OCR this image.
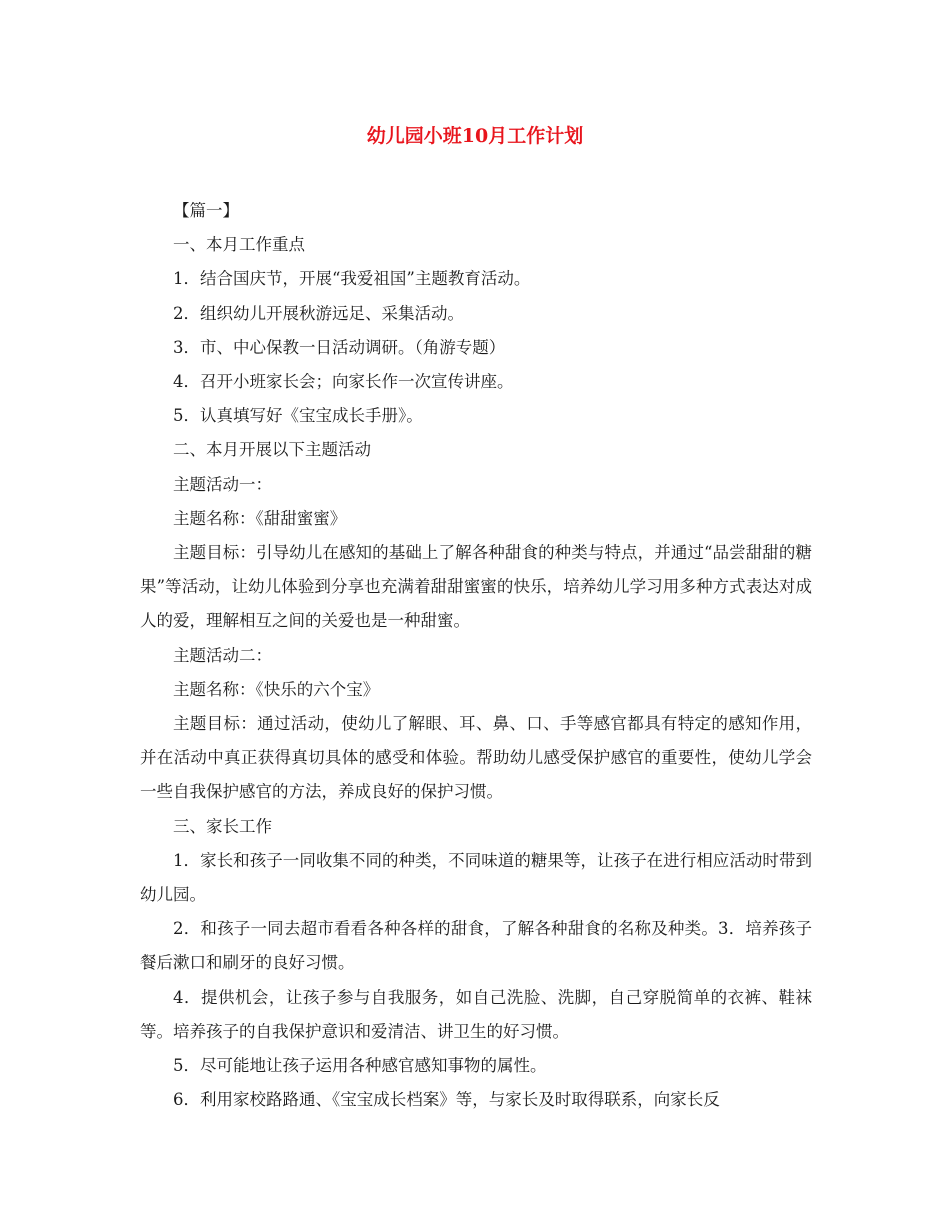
幼儿园小班10月工作计划

【篇一】

一、本月工作重点

1．结合国庆节，开展“我爱祖国”主题教育活动。

2．组织幼儿开展秋游远足、采集活动。

3．市、中心保教一日活动调研。（角游专题）

4．召开小班家长会；向家长作一次宣传讲座。

5．认真填写好《宝宝成长手册》。

二、本月开展以下主题活动

主题活动一：

主题名称：《甜甜蜜蜜》

主题目标：引导幼儿在感知的基础上了解各种甜食的种类与特点，并通过“品尝甜甜的糖果”等活动，让幼儿体验到分享也充满着甜甜蜜蜜的快乐，培养幼儿学习用多种方式表达对成人的爱，理解相互之间的关爱也是一种甜蜜。

主题活动二：

主题名称：《快乐的六个宝》

主题目标：通过活动，使幼儿了解眼、耳、鼻、口、手等感官都具有特定的感知作用，并在活动中真正获得真切具体的感受和体验。帮助幼儿感受保护感官的重要性，使幼儿学会一些自我保护感官的方法，养成良好的保护习惯。

三、家长工作

1．家长和孩子一同收集不同的种类，不同味道的糖果等，让孩子在进行相应活动时带到幼儿园。

2．和孩子一同去超市看看各种各样的甜食，了解各种甜食的名称及种类。3．培养孩子餐后漱口和刷牙的良好习惯。

4．提供机会，让孩子参与自我服务，如自己洗脸、洗脚，自己穿脱简单的衣裤、鞋袜等。培养孩子的自我保护意识和爱清洁、讲卫生的好习惯。

5．尽可能地让孩子运用各种感官感知事物的属性。

6．利用家校路路通、《宝宝成长档案》等，与家长及时取得联系，向家长反
